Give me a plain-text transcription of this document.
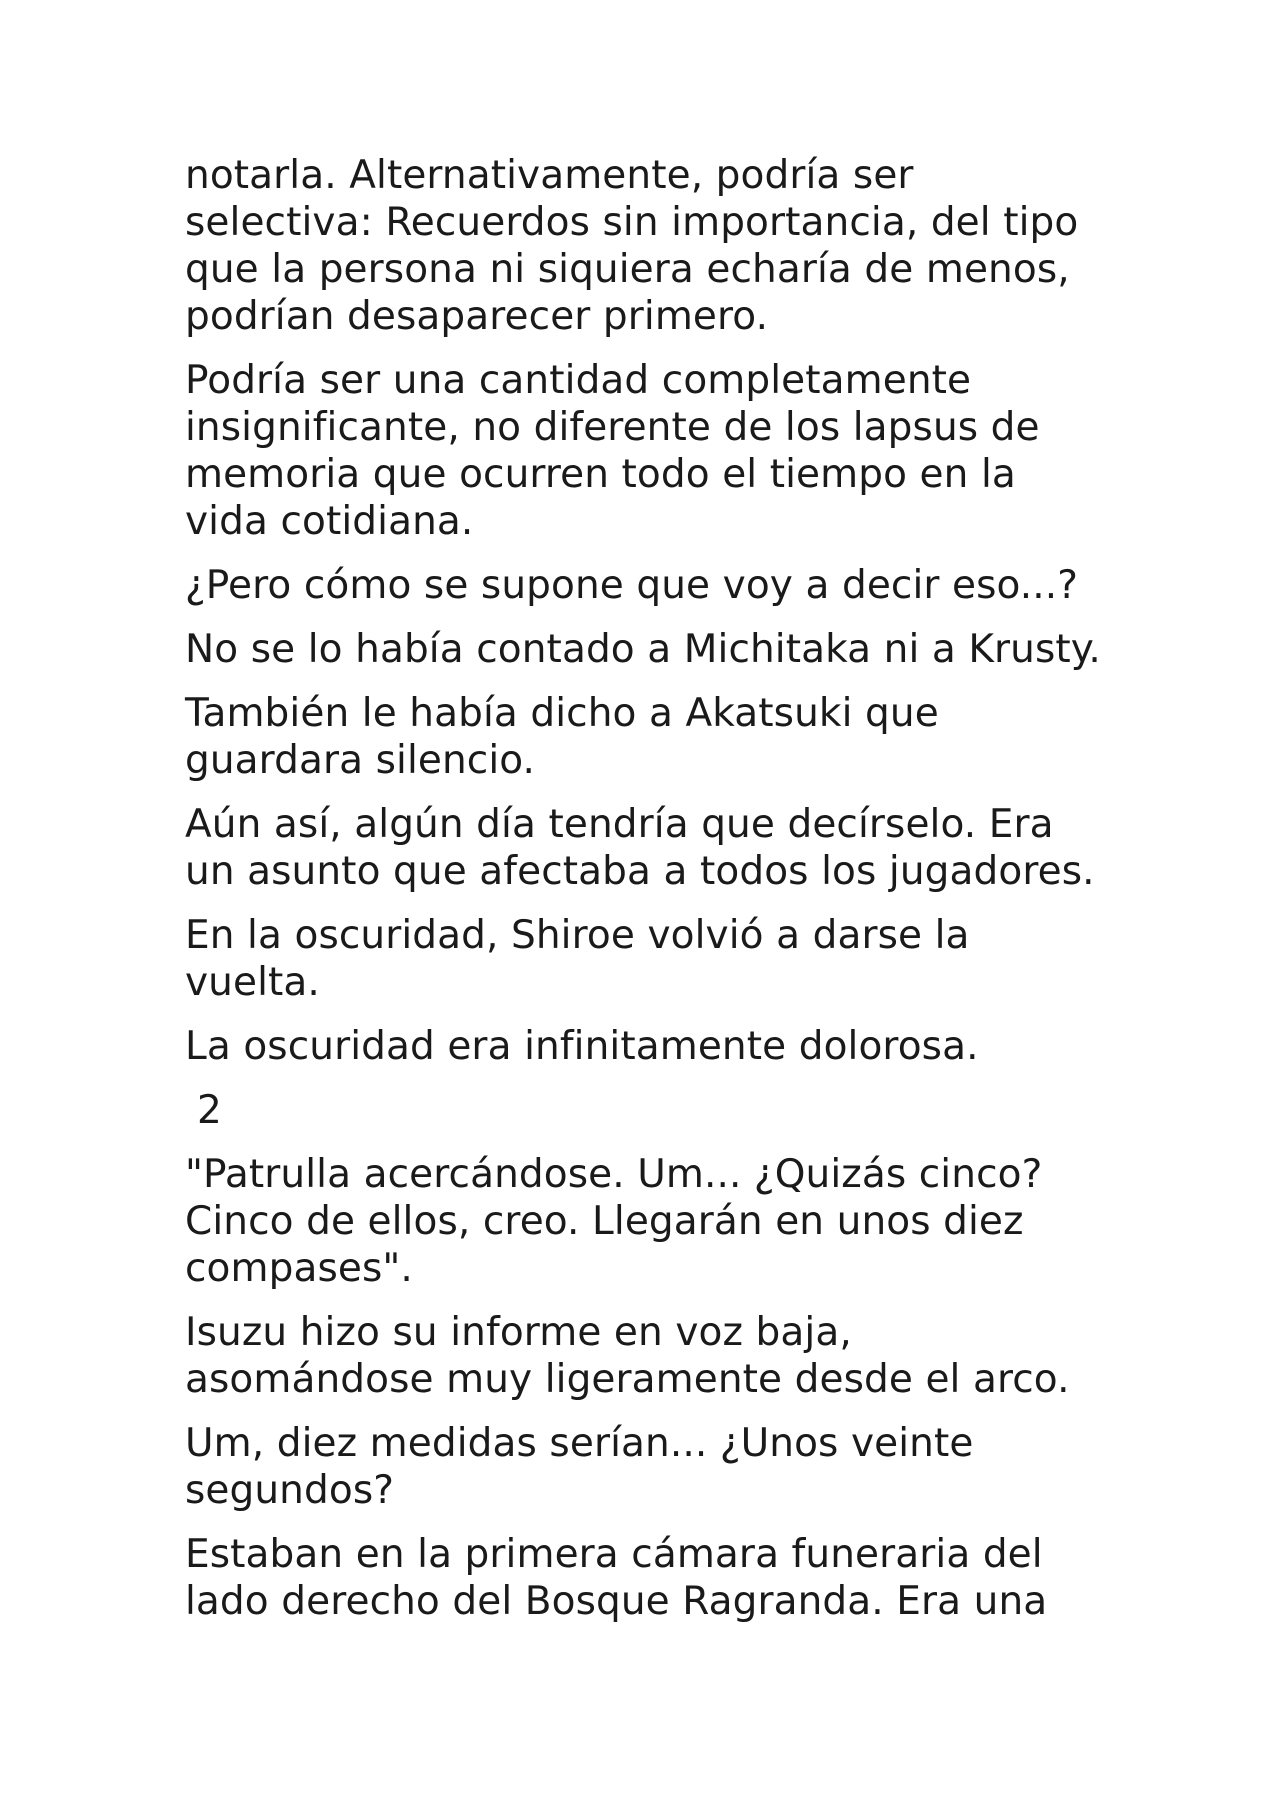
notarla. Alternativamente, podría ser
selectiva: Recuerdos sin importancia, del tipo
que la persona ni siquiera echaría de menos,
podrían desaparecer primero.

Podría ser una cantidad completamente
insignificante, no diferente de los lapsus de
memoria que ocurren todo el tiempo en la
vida cotidiana.

¿Pero cómo se supone que voy a decir eso...?

No se lo había contado a Michitaka ni a Krusty.

También le había dicho a Akatsuki que
guardara silencio.

Aún así, algún día tendría que decírselo. Era
un asunto que afectaba a todos los jugadores.

En la oscuridad, Shiroe volvió a darse la
vuelta.

La oscuridad era infinitamente dolorosa.

2

"Patrulla acercándose. Um... ¿Quizás cinco?
Cinco de ellos, creo. Llegarán en unos diez
compases".

Isuzu hizo su informe en voz baja,
asomándose muy ligeramente desde el arco.

Um, diez medidas serían... ¿Unos veinte
segundos?

Estaban en la primera cámara funeraria del
lado derecho del Bosque Ragranda. Era una
